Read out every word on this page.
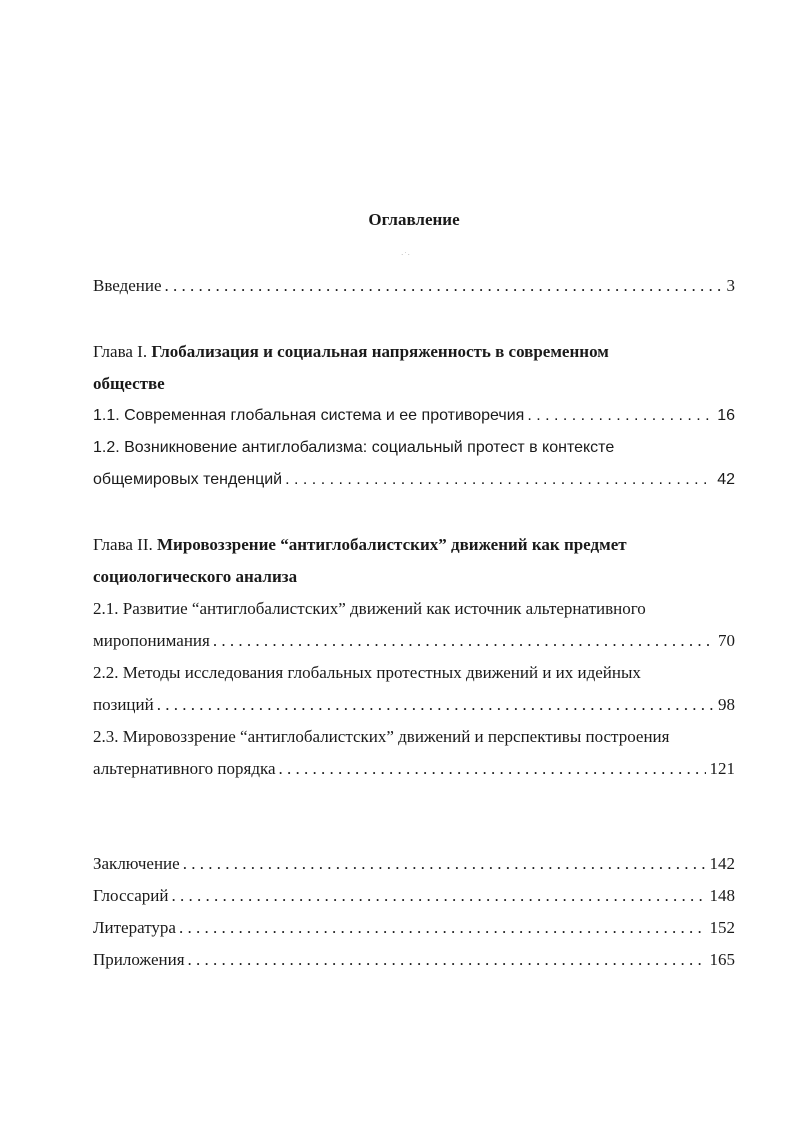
Оглавление
·˙·
Введение . . .	3
Глава I. Глобализация и социальная напряженность в современном
обществе
1.1. Современная глобальная система и ее противоречия . . .	16
1.2. Возникновение антиглобализма: социальный протест в контексте
общемировых тенденций . . .	42
Глава II. Мировоззрение “антиглобалистских” движений как предмет
социологического анализа
2.1. Развитие “антиглобалистских” движений как источник альтернативного
миропонимания . . .	70
2.2. Методы исследования глобальных протестных движений и их идейных
позиций . . .	98
2.3. Мировоззрение “антиглобалистских” движений и перспективы построения
альтернативного порядка . . .	121
Заключение . . .	142
Глоссарий . . .	148
Литература . . .	152
Приложения . . .	165
